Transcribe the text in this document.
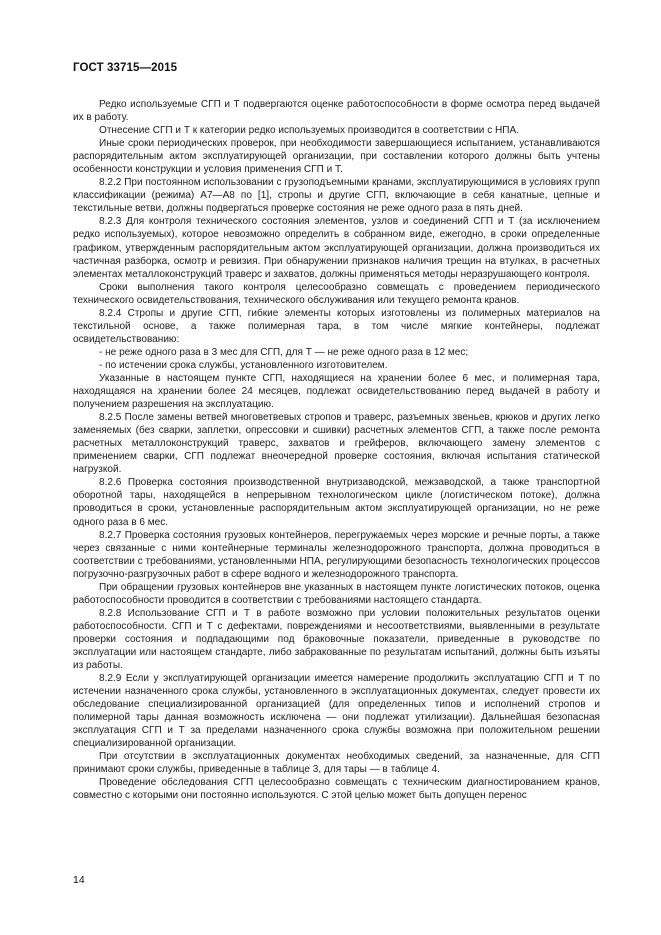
ГОСТ 33715—2015

Редко используемые СГП и Т подвергаются оценке работоспособности в форме осмотра перед выдачей их в работу.

Отнесение СГП и Т к категории редко используемых производится в соответствии с НПА.

Иные сроки периодических проверок, при необходимости завершающиеся испытанием, устанавливаются распорядительным актом эксплуатирующей организации, при составлении которого должны быть учтены особенности конструкции и условия применения СГП и Т.

8.2.2 При постоянном использовании с грузоподъемными кранами, эксплуатирующимися в условиях групп классификации (режима) А7—А8 по [1], стропы и другие СГП, включающие в себя канатные, цепные и текстильные ветви, должны подвергаться проверке состояния не реже одного раза в пять дней.

8.2.3 Для контроля технического состояния элементов, узлов и соединений СГП и Т (за исключением редко используемых), которое невозможно определить в собранном виде, ежегодно, в сроки определенные графиком, утвержденным распорядительным актом эксплуатирующей организации, должна производиться их частичная разборка, осмотр и ревизия. При обнаружении признаков наличия трещин на втулках, в расчетных элементах металлоконструкций траверс и захватов, должны применяться методы неразрушающего контроля.

Сроки выполнения такого контроля целесообразно совмещать с проведением периодического технического освидетельствования, технического обслуживания или текущего ремонта кранов.

8.2.4 Стропы и другие СГП, гибкие элементы которых изготовлены из полимерных материалов на текстильной основе, а также полимерная тара, в том числе мягкие контейнеры, подлежат освидетельствованию:

- не реже одного раза в 3 мес для СГП, для Т — не реже одного раза в 12 мес;

- по истечении срока службы, установленного изготовителем.

Указанные в настоящем пункте СГП, находящиеся на хранении более 6 мес, и полимерная тара, находящаяся на хранении более 24 месяцев, подлежат освидетельствованию перед выдачей в работу и получением разрешения на эксплуатацию.

8.2.5 После замены ветвей многоветвевых стропов и траверс, разъемных звеньев, крюков и других легко заменяемых (без сварки, заплетки, опрессовки и сшивки) расчетных элементов СГП, а также после ремонта расчетных металлоконструкций траверс, захватов и грейферов, включающего замену элементов с применением сварки, СГП подлежат внеочередной проверке состояния, включая испытания статической нагрузкой.

8.2.6 Проверка состояния производственной внутризаводской, межзаводской, а также транспортной оборотной тары, находящейся в непрерывном технологическом цикле (логистическом потоке), должна проводиться в сроки, установленные распорядительным актом эксплуатирующей организации, но не реже одного раза в 6 мес.

8.2.7 Проверка состояния грузовых контейнеров, перегружаемых через морские и речные порты, а также через связанные с ними контейнерные терминалы железнодорожного транспорта, должна проводиться в соответствии с требованиями, установленными НПА, регулирующими безопасность технологических процессов погрузочно-разгрузочных работ в сфере водного и железнодорожного транспорта.

При обращении грузовых контейнеров вне указанных в настоящем пункте логистических потоков, оценка работоспособности проводится в соответствии с требованиями настоящего стандарта.

8.2.8 Использование СГП и Т в работе возможно при условии положительных результатов оценки работоспособности. СГП и Т с дефектами, повреждениями и несоответствиями, выявленными в результате проверки состояния и подпадающими под браковочные показатели, приведенные в руководстве по эксплуатации или настоящем стандарте, либо забракованные по результатам испытаний, должны быть изъяты из работы.

8.2.9 Если у эксплуатирующей организации имеется намерение продолжить эксплуатацию СГП и Т по истечении назначенного срока службы, установленного в эксплуатационных документах, следует провести их обследование специализированной организацией (для определенных типов и исполнений стропов и полимерной тары данная возможность исключена — они подлежат утилизации). Дальнейшая безопасная эксплуатация СГП и Т за пределами назначенного срока службы возможна при положительном решении специализированной организации.

При отсутствии в эксплуатационных документах необходимых сведений, за назначенные, для СГП принимают сроки службы, приведенные в таблице 3, для тары — в таблице 4.

Проведение обследования СГП целесообразно совмещать с техническим диагностированием кранов, совместно с которыми они постоянно используются. С этой целью может быть допущен перенос

14
